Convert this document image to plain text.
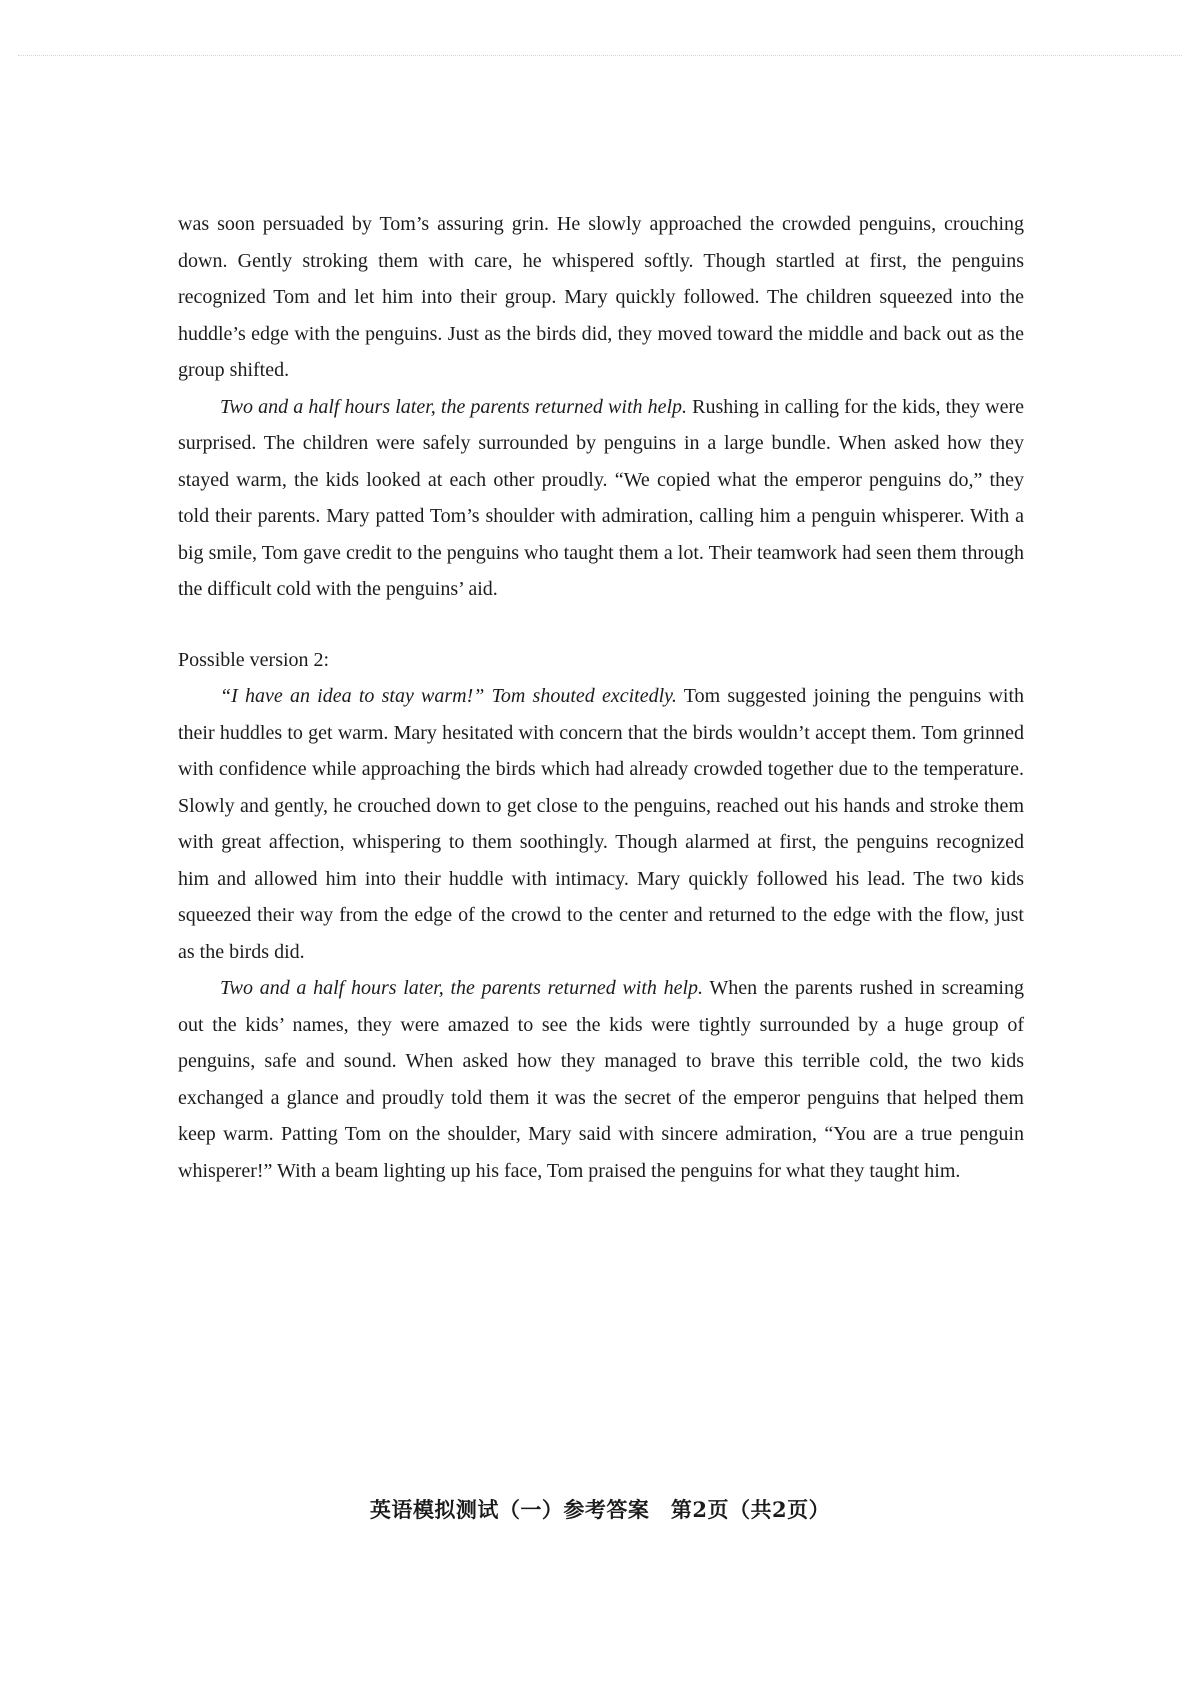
was soon persuaded by Tom’s assuring grin. He slowly approached the crowded penguins, crouching down. Gently stroking them with care, he whispered softly. Though startled at first, the penguins recognized Tom and let him into their group. Mary quickly followed. The children squeezed into the huddle’s edge with the penguins. Just as the birds did, they moved toward the middle and back out as the group shifted.

Two and a half hours later, the parents returned with help. Rushing in calling for the kids, they were surprised. The children were safely surrounded by penguins in a large bundle. When asked how they stayed warm, the kids looked at each other proudly. “We copied what the emperor penguins do,” they told their parents. Mary patted Tom’s shoulder with admiration, calling him a penguin whisperer. With a big smile, Tom gave credit to the penguins who taught them a lot. Their teamwork had seen them through the difficult cold with the penguins’ aid.

Possible version 2:

“I have an idea to stay warm!” Tom shouted excitedly. Tom suggested joining the penguins with their huddles to get warm. Mary hesitated with concern that the birds wouldn’t accept them. Tom grinned with confidence while approaching the birds which had already crowded together due to the temperature. Slowly and gently, he crouched down to get close to the penguins, reached out his hands and stroke them with great affection, whispering to them soothingly. Though alarmed at first, the penguins recognized him and allowed him into their huddle with intimacy. Mary quickly followed his lead. The two kids squeezed their way from the edge of the crowd to the center and returned to the edge with the flow, just as the birds did.

Two and a half hours later, the parents returned with help. When the parents rushed in screaming out the kids’ names, they were amazed to see the kids were tightly surrounded by a huge group of penguins, safe and sound. When asked how they managed to brave this terrible cold, the two kids exchanged a glance and proudly told them it was the secret of the emperor penguins that helped them keep warm. Patting Tom on the shoulder, Mary said with sincere admiration, “You are a true penguin whisperer!” With a beam lighting up his face, Tom praised the penguins for what they taught him.

英语模拟测试（一）参考答案　第2页（共2页）
